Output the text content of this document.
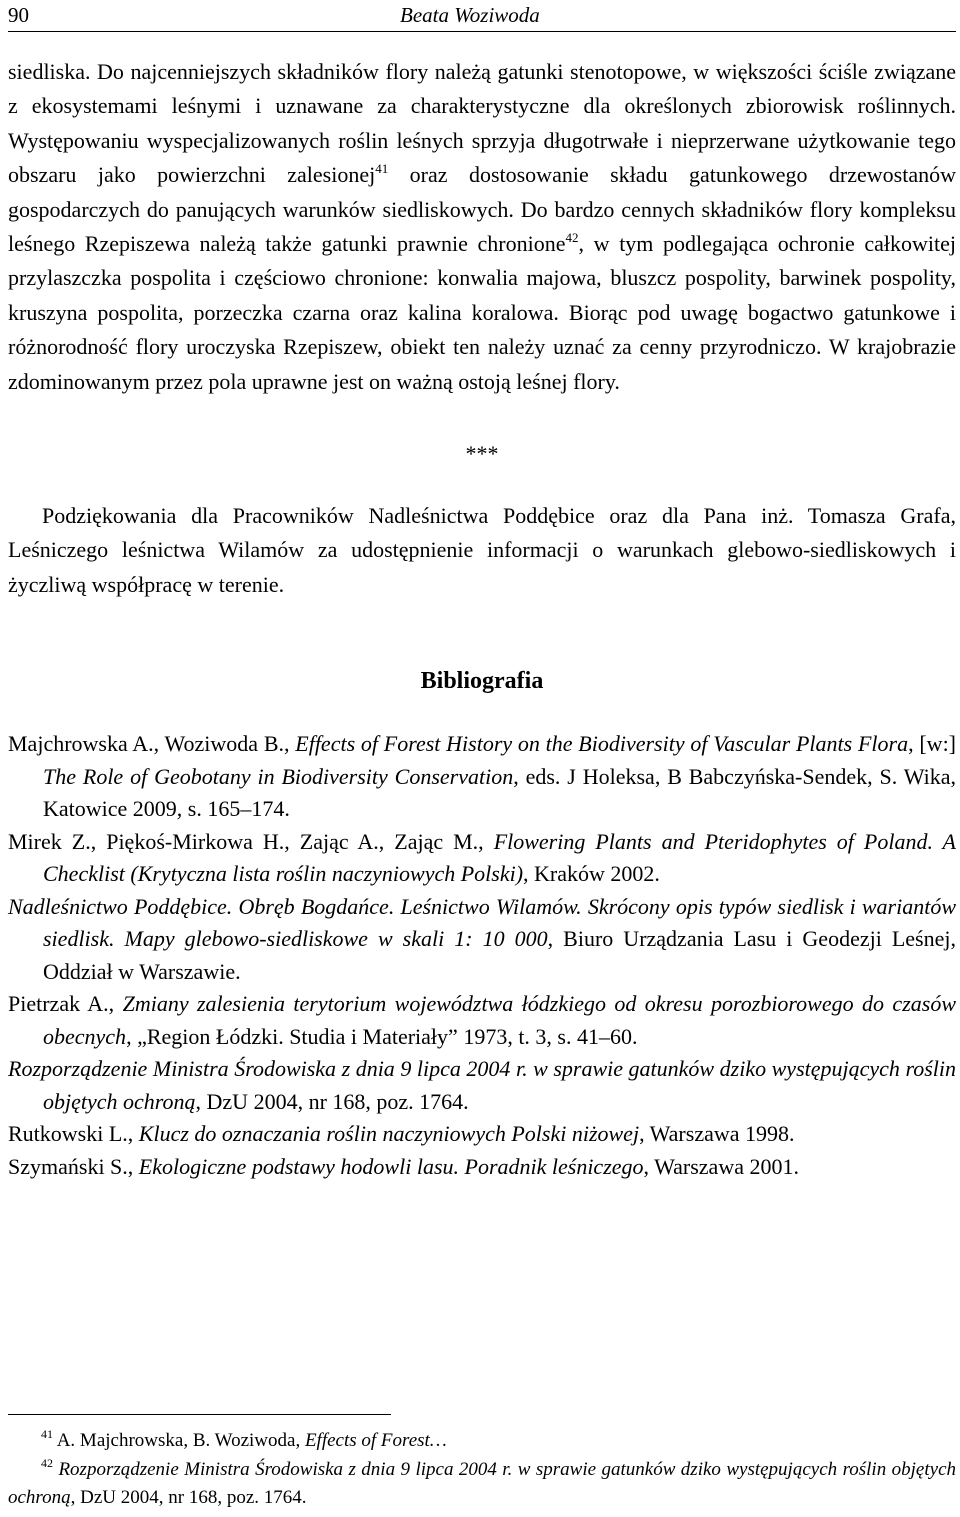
90	Beata Woziwoda

siedliska. Do najcenniejszych składników flory należą gatunki stenotopowe, w większości ściśle związane z ekosystemami leśnymi i uznawane za charakterystyczne dla określonych zbiorowisk roślinnych. Występowaniu wyspecjalizowanych roślin leśnych sprzyja długotrwałe i nieprzerwane użytkowanie tego obszaru jako powierzchni zalesionej$^{41}$ oraz dostosowanie składu gatunkowego drzewostanów gospodarczych do panujących warunków siedliskowych. Do bardzo cennych składników flory kompleksu leśnego Rzepiszewa należą także gatunki prawnie chronione$^{42}$, w tym podlegająca ochronie całkowitej przylaszczka pospolita i częściowo chronione: konwalia majowa, bluszcz pospolity, barwinek pospolity, kruszyna pospolita, porzeczka czarna oraz kalina koralowa. Biorąc pod uwagę bogactwo gatunkowe i różnorodność flory uroczyska Rzepiszew, obiekt ten należy uznać za cenny przyrodniczo. W krajobrazie zdominowanym przez pola uprawne jest on ważną ostoją leśnej flory.

***

Podziękowania dla Pracowników Nadleśnictwa Poddębice oraz dla Pana inż. Tomasza Grafa, Leśniczego leśnictwa Wilamów za udostępnienie informacji o warunkach glebowo-siedliskowych i życzliwą współpracę w terenie.

Bibliografia
Majchrowska A., Woziwoda B., Effects of Forest History on the Biodiversity of Vascular Plants Flora, [w:] The Role of Geobotany in Biodiversity Conservation, eds. J Holeksa, B Babczyńska-Sendek, S. Wika, Katowice 2009, s. 165–174.
Mirek Z., Piękoś-Mirkowa H., Zając A., Zając M., Flowering Plants and Pteridophytes of Poland. A Checklist (Krytyczna lista roślin naczyniowych Polski), Kraków 2002.
Nadleśnictwo Poddębice. Obręb Bogdańce. Leśnictwo Wilamów. Skrócony opis typów siedlisk i wariantów siedlisk. Mapy glebowo-siedliskowe w skali 1: 10 000, Biuro Urządzania Lasu i Geodezji Leśnej, Oddział w Warszawie.
Pietrzak A., Zmiany zalesienia terytorium województwa łódzkiego od okresu porozbiorowego do czasów obecnych, „Region Łódzki. Studia i Materiały” 1973, t. 3, s. 41–60.
Rozporządzenie Ministra Środowiska z dnia 9 lipca 2004 r. w sprawie gatunków dziko występujących roślin objętych ochroną, DzU 2004, nr 168, poz. 1764.
Rutkowski L., Klucz do oznaczania roślin naczyniowych Polski niżowej, Warszawa 1998.
Szymański S., Ekologiczne podstawy hodowli lasu. Poradnik leśniczego, Warszawa 2001.
$^{41}$ A. Majchrowska, B. Woziwoda, Effects of Forest…
$^{42}$ Rozporządzenie Ministra Środowiska z dnia 9 lipca 2004 r. w sprawie gatunków dziko występujących roślin objętych ochroną, DzU 2004, nr 168, poz. 1764.
